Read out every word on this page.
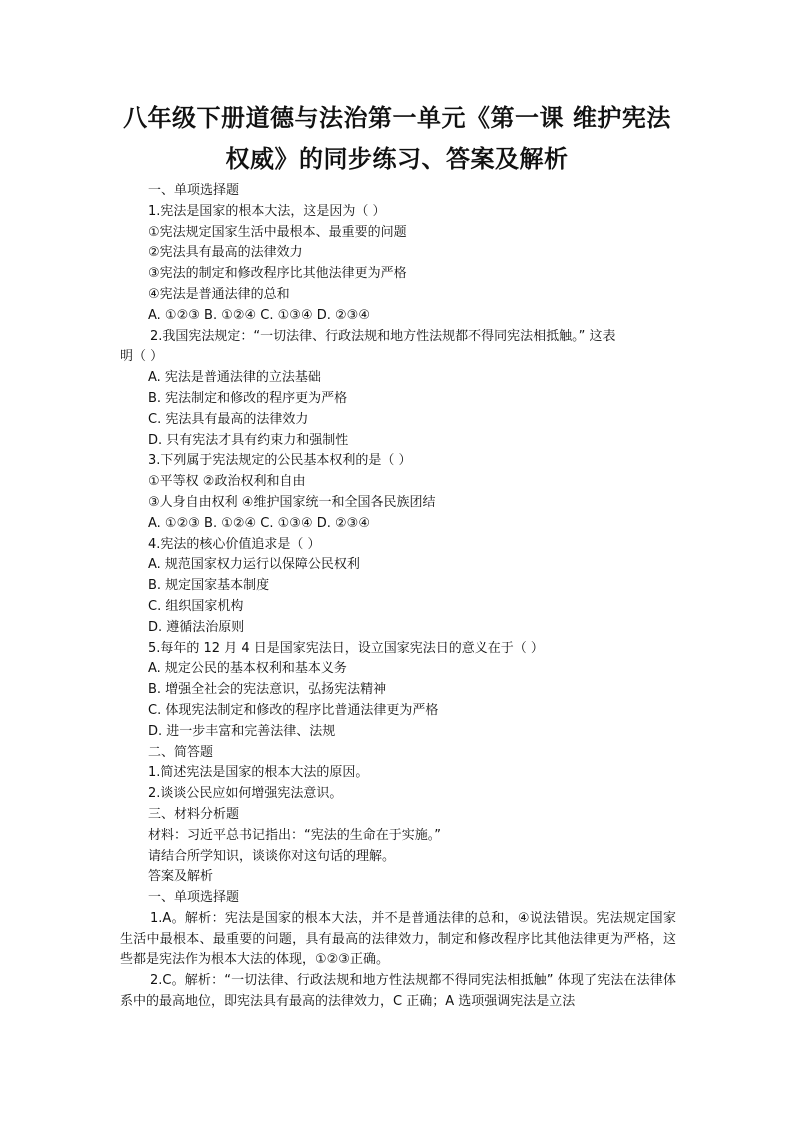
八年级下册道德与法治第一单元《第一课 维护宪法
权威》的同步练习、答案及解析
一、单项选择题
1.宪法是国家的根本大法，这是因为（ ）
①宪法规定国家生活中最根本、最重要的问题
②宪法具有最高的法律效力
③宪法的制定和修改程序比其他法律更为严格
④宪法是普通法律的总和
A. ①②③ B. ①②④ C. ①③④ D. ②③④
2.我国宪法规定：“一切法律、行政法规和地方性法规都不得同宪法相抵触。” 这表
明（ ）
A. 宪法是普通法律的立法基础
B. 宪法制定和修改的程序更为严格
C. 宪法具有最高的法律效力
D. 只有宪法才具有约束力和强制性
3.下列属于宪法规定的公民基本权利的是（ ）
①平等权 ②政治权利和自由
③人身自由权利 ④维护国家统一和全国各民族团结
A. ①②③ B. ①②④ C. ①③④ D. ②③④
4.宪法的核心价值追求是（ ）
A. 规范国家权力运行以保障公民权利
B. 规定国家基本制度
C. 组织国家机构
D. 遵循法治原则
5.每年的 12 月 4 日是国家宪法日，设立国家宪法日的意义在于（ ）
A. 规定公民的基本权利和基本义务
B. 增强全社会的宪法意识，弘扬宪法精神
C. 体现宪法制定和修改的程序比普通法律更为严格
D. 进一步丰富和完善法律、法规
二、简答题
1.简述宪法是国家的根本大法的原因。
2.谈谈公民应如何增强宪法意识。
三、材料分析题
材料：习近平总书记指出：“宪法的生命在于实施。”
请结合所学知识，谈谈你对这句话的理解。
答案及解析
一、单项选择题
1.A。解析：宪法是国家的根本大法，并不是普通法律的总和，④说法错误。宪法规定国家生活中最根本、最重要的问题，具有最高的法律效力，制定和修改程序比其他法律更为严格，这些都是宪法作为根本大法的体现，①②③正确。
2.C。解析：“一切法律、行政法规和地方性法规都不得同宪法相抵触” 体现了宪法在法律体系中的最高地位，即宪法具有最高的法律效力，C 正确；A 选项强调宪法是立法
